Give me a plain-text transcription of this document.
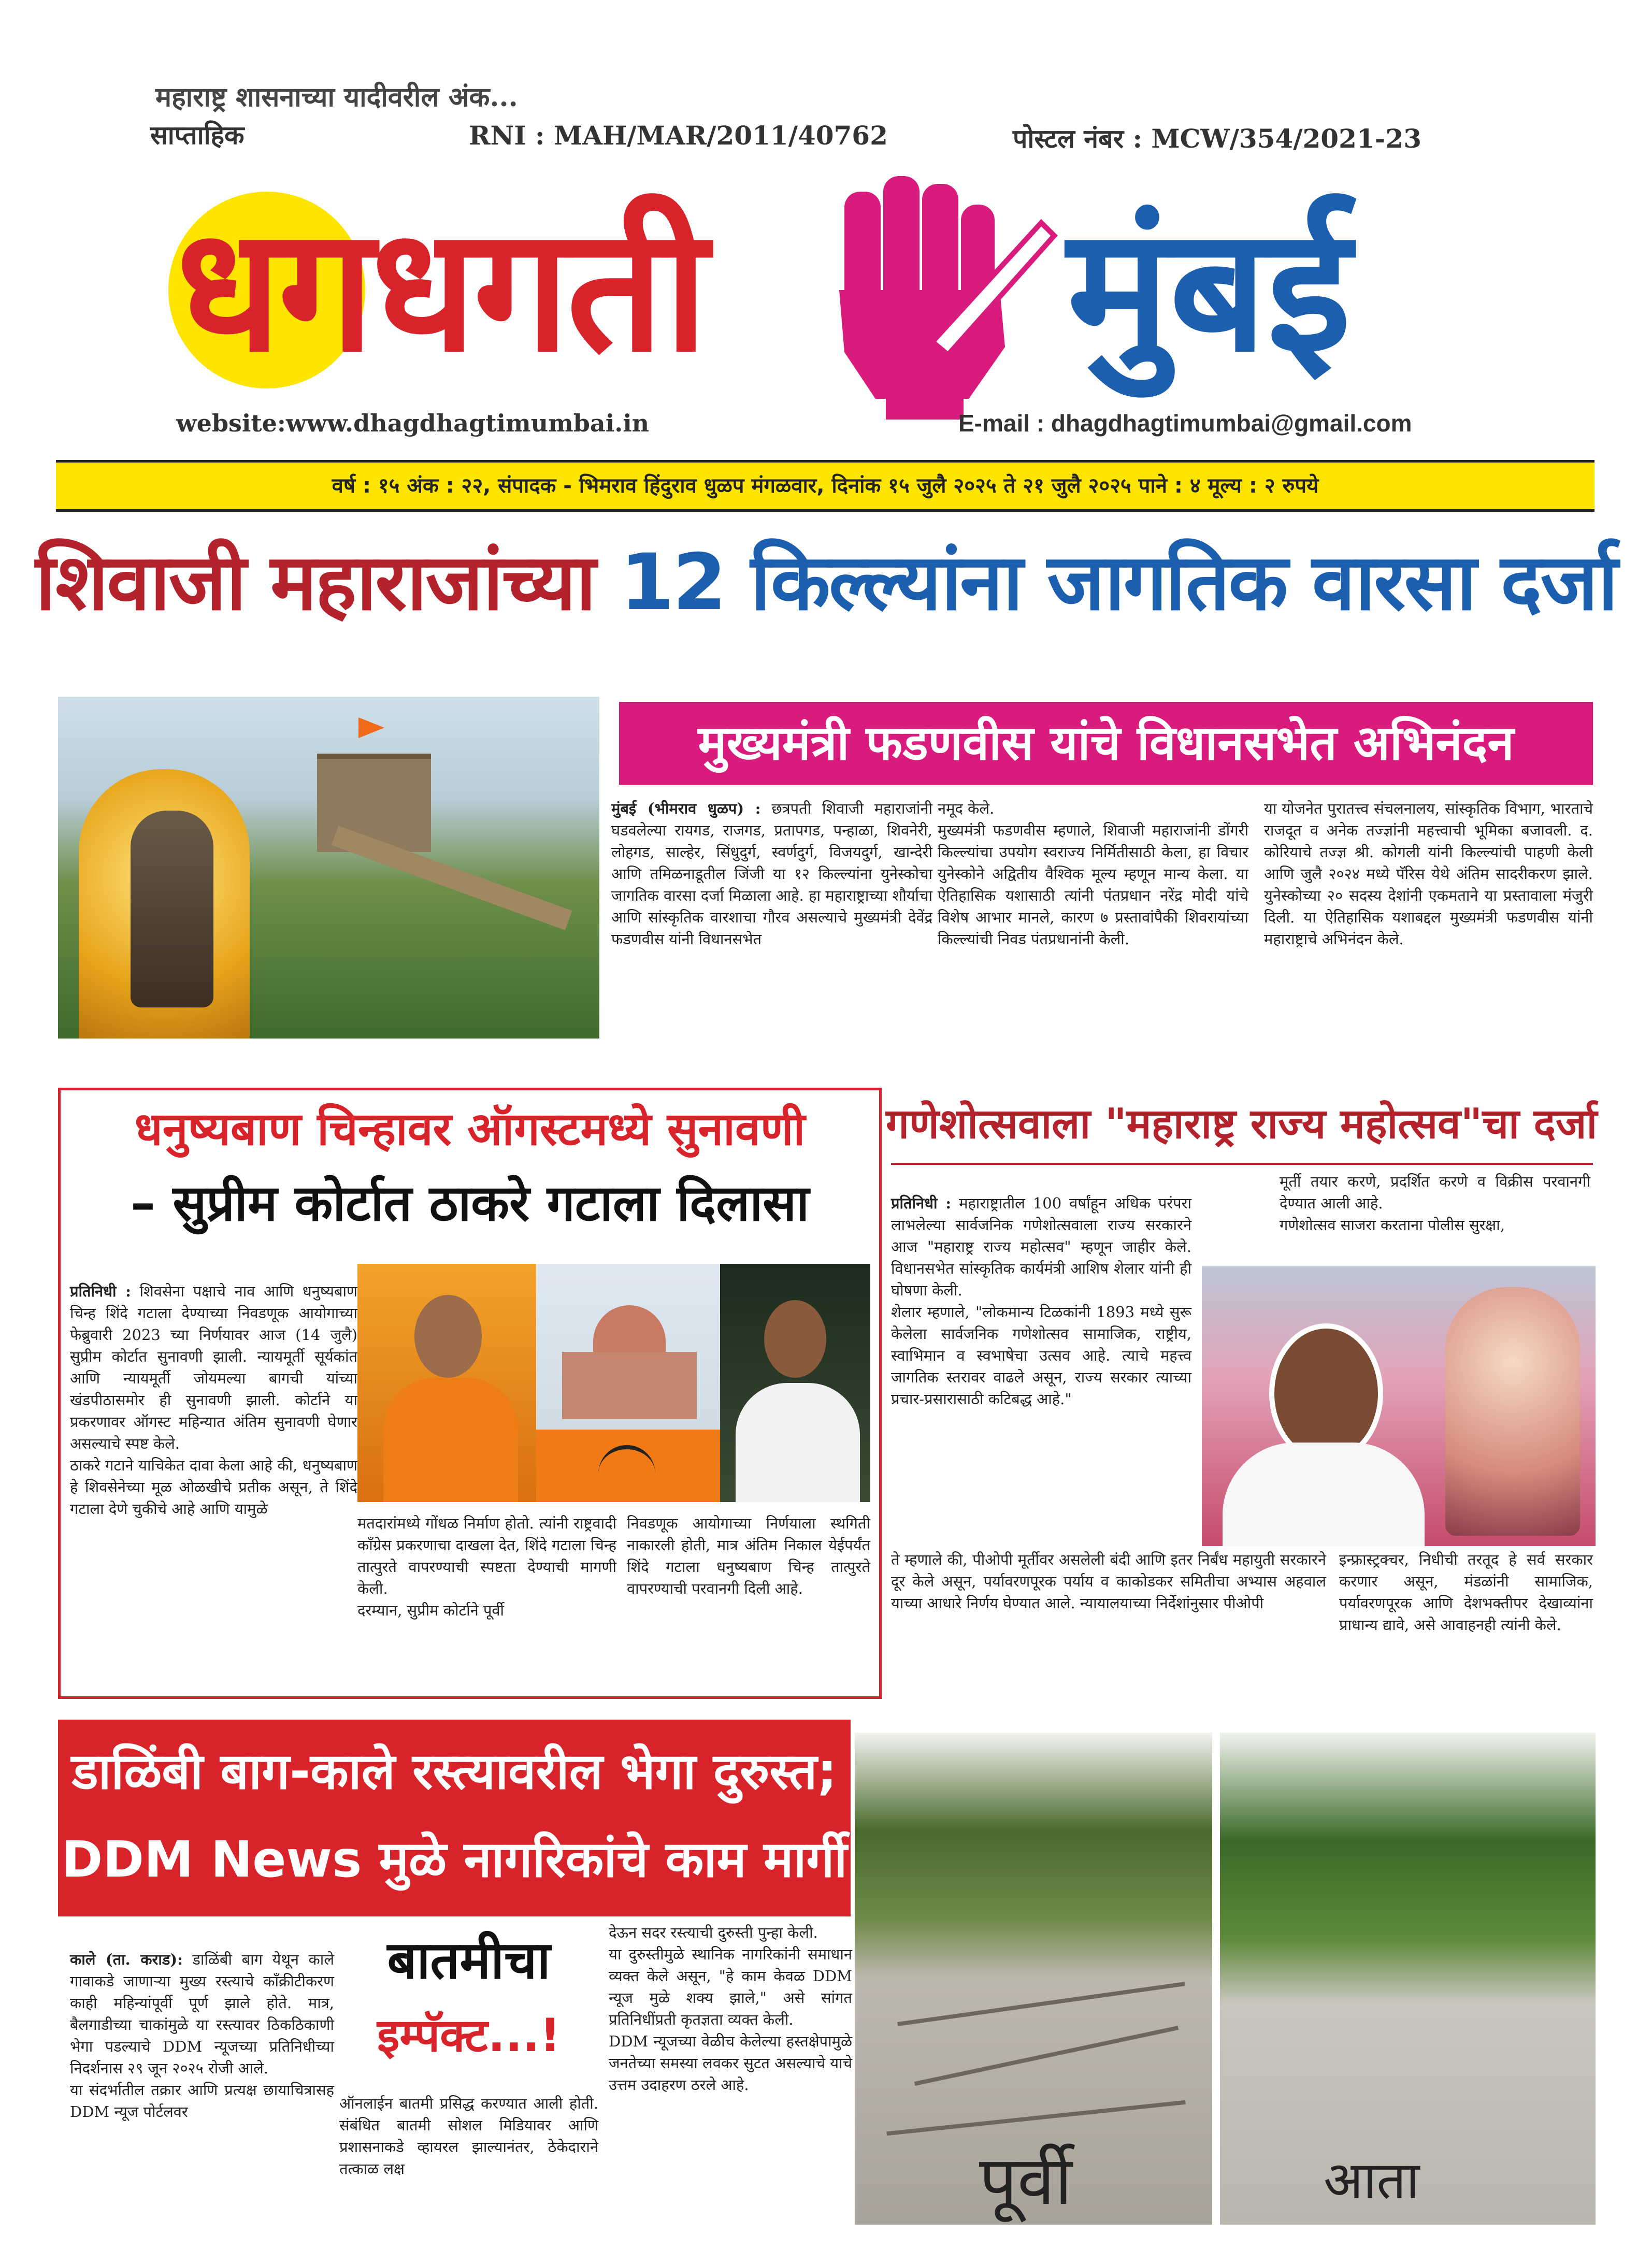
महाराष्ट्र शासनाच्या यादीवरील अंक...
साप्ताहिक	RNI : MAH/MAR/2011/40762	पोस्टल नंबर : MCW/354/2021-23
धगधगती मुंबई
website:www.dhagdhagtimumbai.in	E-mail : dhagdhagtimumbai@gmail.com
वर्ष : १५ अंक : २२, संपादक - भिमराव हिंदुराव धुळप मंगळवार, दिनांक १५ जुलै २०२५ ते २१ जुलै २०२५ पाने : ४ मूल्य : २ रुपये
शिवाजी महाराजांच्या 12 किल्ल्यांना जागतिक वारसा दर्जा
मुख्यमंत्री फडणवीस यांचे विधानसभेत अभिनंदन
मुंबई (भीमराव धुळप) : छत्रपती शिवाजी महाराजांनी घडवलेल्या रायगड, राजगड, प्रतापगड, पन्हाळा, शिवनेरी, लोहगड, साल्हेर, सिंधुदुर्ग, स्वर्णदुर्ग, विजयदुर्ग, खान्देरी आणि तमिळनाडूतील जिंजी या १२ किल्ल्यांना युनेस्कोचा जागतिक वारसा दर्जा मिळाला आहे. हा महाराष्ट्राच्या शौर्याचा आणि सांस्कृतिक वारशाचा गौरव असल्याचे मुख्यमंत्री देवेंद्र फडणवीस यांनी विधानसभेत
नमूद केले.
मुख्यमंत्री फडणवीस म्हणाले, शिवाजी महाराजांनी डोंगरी किल्ल्यांचा उपयोग स्वराज्य निर्मितीसाठी केला, हा विचार युनेस्कोने अद्वितीय वैश्विक मूल्य म्हणून मान्य केला. या ऐतिहासिक यशासाठी त्यांनी पंतप्रधान नरेंद्र मोदी यांचे विशेष आभार मानले, कारण ७ प्रस्तावांपैकी शिवरायांच्या किल्ल्यांची निवड पंतप्रधानांनी केली.
या योजनेत पुरातत्त्व संचलनालय, सांस्कृतिक विभाग, भारताचे राजदूत व अनेक तज्ज्ञांनी महत्त्वाची भूमिका बजावली. द. कोरियाचे तज्ज्ञ श्री. कोगली यांनी किल्ल्यांची पाहणी केली आणि जुलै २०२४ मध्ये पॅरिस येथे अंतिम सादरीकरण झाले. युनेस्कोच्या २० सदस्य देशांनी एकमताने या प्रस्तावाला मंजुरी दिली. या ऐतिहासिक यशाबद्दल मुख्यमंत्री फडणवीस यांनी महाराष्ट्राचे अभिनंदन केले.
धनुष्यबाण चिन्हावर ऑगस्टमध्ये सुनावणी
– सुप्रीम कोर्टात ठाकरे गटाला दिलासा

प्रतिनिधी : शिवसेना पक्षाचे नाव आणि धनुष्यबाण चिन्ह शिंदे गटाला देण्याच्या निवडणूक आयोगाच्या फेब्रुवारी 2023 च्या निर्णयावर आज (14 जुलै) सुप्रीम कोर्टात सुनावणी झाली. न्यायमूर्ती सूर्यकांत आणि न्यायमूर्ती जोयमल्या बागची यांच्या खंडपीठासमोर ही सुनावणी झाली. कोर्टाने या प्रकरणावर ऑगस्ट महिन्यात अंतिम सुनावणी घेणार असल्याचे स्पष्ट केले.
ठाकरे गटाने याचिकेत दावा केला आहे की, धनुष्यबाण हे शिवसेनेच्या मूळ ओळखीचे प्रतीक असून, ते शिंदे गटाला देणे चुकीचे आहे आणि यामुळे

मतदारांमध्ये गोंधळ निर्माण होतो. त्यांनी राष्ट्रवादी काँग्रेस प्रकरणाचा दाखला देत, शिंदे गटाला चिन्ह तात्पुरते वापरण्याची स्पष्टता देण्याची मागणी केली.
दरम्यान, सुप्रीम कोर्टाने पूर्वी
निवडणूक आयोगाच्या निर्णयाला स्थगिती नाकारली होती, मात्र अंतिम निकाल येईपर्यंत शिंदे गटाला धनुष्यबाण चिन्ह तात्पुरते वापरण्याची परवानगी दिली आहे.
गणेशोत्सवाला "महाराष्ट्र राज्य महोत्सव"चा दर्जा

प्रतिनिधी : महाराष्ट्रातील 100 वर्षांहून अधिक परंपरा लाभलेल्या सार्वजनिक गणेशोत्सवाला राज्य सरकारने आज "महाराष्ट्र राज्य महोत्सव" म्हणून जाहीर केले. विधानसभेत सांस्कृतिक कार्यमंत्री आशिष शेलार यांनी ही घोषणा केली.
शेलार म्हणाले, "लोकमान्य टिळकांनी 1893 मध्ये सुरू केलेला सार्वजनिक गणेशोत्सव सामाजिक, राष्ट्रीय, स्वाभिमान व स्वभाषेचा उत्सव आहे. त्याचे महत्त्व जागतिक स्तरावर वाढले असून, राज्य सरकार त्याच्या प्रचार-प्रसारासाठी कटिबद्ध आहे."

मूर्ती तयार करणे, प्रदर्शित करणे व विक्रीस परवानगी देण्यात आली आहे.
गणेशोत्सव साजरा करताना पोलीस सुरक्षा,
ते म्हणाले की, पीओपी मूर्तीवर असलेली बंदी आणि इतर निर्बंध महायुती सरकारने दूर केले असून, पर्यावरणपूरक पर्याय व काकोडकर समितीचा अभ्यास अहवाल याच्या आधारे निर्णय घेण्यात आले. न्यायालयाच्या निर्देशांनुसार पीओपी
इन्फ्रास्ट्रक्चर, निधीची तरतूद हे सर्व सरकार करणार असून, मंडळांनी सामाजिक, पर्यावरणपूरक आणि देशभक्तीपर देखाव्यांना प्राधान्य द्यावे, असे आवाहनही त्यांनी केले.
डाळिंबी बाग-काले रस्त्यावरील भेगा दुरुस्त;
DDM News मुळे नागरिकांचे काम मार्गी

काले (ता. कराड): डाळिंबी बाग येथून काले गावाकडे जाणाऱ्या मुख्य रस्त्याचे काँक्रीटीकरण काही महिन्यांपूर्वी पूर्ण झाले होते. मात्र, बैलगाडीच्या चाकांमुळे या रस्त्यावर ठिकठिकाणी भेगा पडल्याचे DDM न्यूजच्या प्रतिनिधीच्या निदर्शनास २९ जून २०२५ रोजी आले.
या संदर्भातील तक्रार आणि प्रत्यक्ष छायाचित्रासह DDM न्यूज पोर्टलवर

बातमीचा
इम्पॅक्ट...!
ऑनलाईन बातमी प्रसिद्ध करण्यात आली होती. संबंधित बातमी सोशल मिडियावर आणि प्रशासनाकडे व्हायरल झाल्यानंतर, ठेकेदाराने तत्काळ लक्ष
देऊन सदर रस्त्याची दुरुस्ती पुन्हा केली.
या दुरुस्तीमुळे स्थानिक नागरिकांनी समाधान व्यक्त केले असून, "हे काम केवळ DDM न्यूज मुळे शक्य झाले," असे सांगत प्रतिनिधींप्रती कृतज्ञता व्यक्त केली.
DDM न्यूजच्या वेळीच केलेल्या हस्तक्षेपामुळे जनतेच्या समस्या लवकर सुटत असल्याचे याचे उत्तम उदाहरण ठरले आहे.
पूर्वी	आता
